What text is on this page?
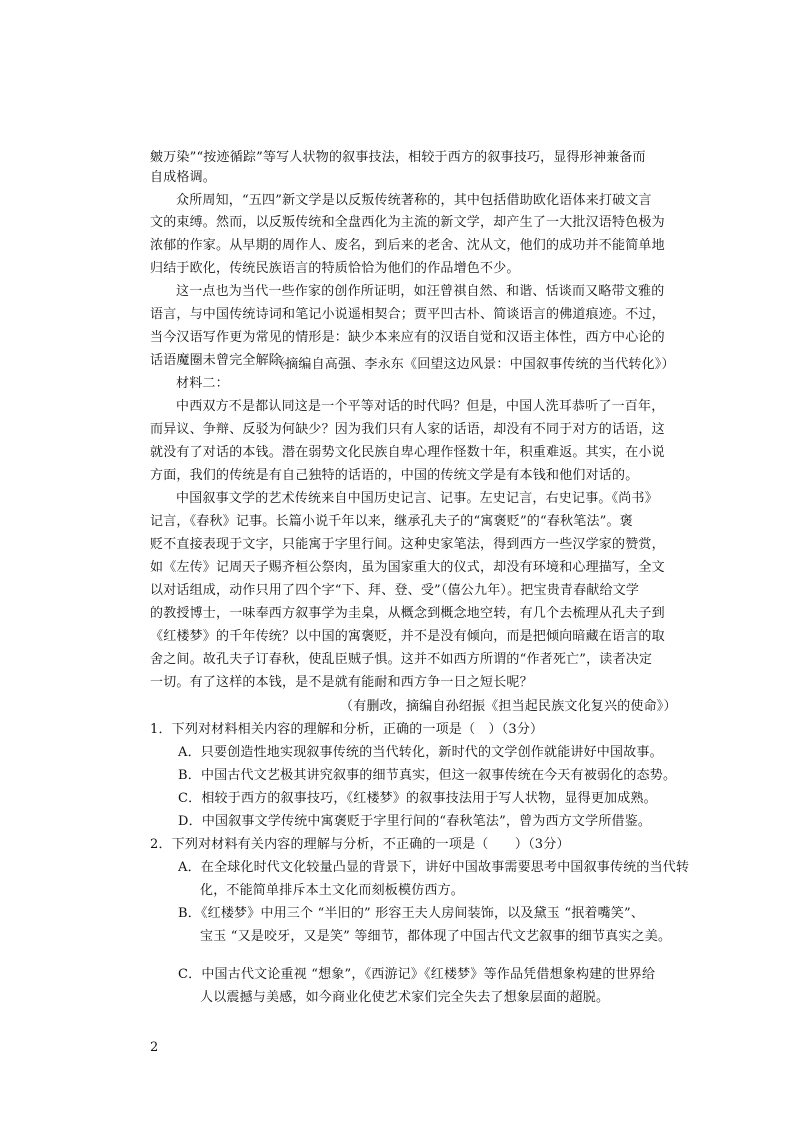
皴万染”“按迹循踪”等写人状物的叙事技法，相较于西方的叙事技巧，显得形神兼备而
自成格调。
众所周知，“五四”新文学是以反叛传统著称的，其中包括借助欧化语体来打破文言
文的束缚。然而，以反叛传统和全盘西化为主流的新文学，却产生了一大批汉语特色极为
浓郁的作家。从早期的周作人、废名，到后来的老舍、沈从文，他们的成功并不能简单地
归结于欧化，传统民族语言的特质恰恰为他们的作品增色不少。
这一点也为当代一些作家的创作所证明，如汪曾祺自然、和谐、恬谈而又略带文雅的
语言，与中国传统诗词和笔记小说遥相契合；贾平凹古朴、简谈语言的佛道痕迹。不过，
当今汉语写作更为常见的情形是：缺少本来应有的汉语自觉和汉语主体性，西方中心论的
话语魔圈未曾完全解除。
（摘编自高强、李永东《回望这边风景：中国叙事传统的当代转化》）
材料二：
中西双方不是都认同这是一个平等对话的时代吗？但是，中国人洗耳恭听了一百年，
而异议、争辩、反驳为何缺少？因为我们只有人家的话语，却没有不同于对方的话语，这
就没有了对话的本钱。潜在弱势文化民族自卑心理作怪数十年，积重难返。其实，在小说
方面，我们的传统是有自己独特的话语的，中国的传统文学是有本钱和他们对话的。
中国叙事文学的艺术传统来自中国历史记言、记事。左史记言，右史记事。《尚书》
记言，《春秋》记事。长篇小说千年以来，继承孔夫子的“寓褒贬”的“春秋笔法”。褒
贬不直接表现于文字，只能寓于字里行间。这种史家笔法，得到西方一些汉学家的赞赏，
如《左传》记周天子赐齐桓公祭肉，虽为国家重大的仪式，却没有环境和心理描写，全文
以对话组成，动作只用了四个字“下、拜、登、受”（僖公九年）。把宝贵青春献给文学
的教授博士，一味奉西方叙事学为圭臬，从概念到概念地空转，有几个去梳理从孔夫子到
《红楼梦》的千年传统？以中国的寓褒贬，并不是没有倾向，而是把倾向暗藏在语言的取
舍之间。故孔夫子订春秋，使乱臣贼子惧。这并不如西方所谓的“作者死亡”，读者决定
一切。有了这样的本钱，是不是就有能耐和西方争一日之短长呢？
（有删改，摘编自孙绍振《担当起民族文化复兴的使命》）
1．下列对材料相关内容的理解和分析，正确的一项是（　）（3分）
A．只要创造性地实现叙事传统的当代转化，新时代的文学创作就能讲好中国故事。
B．中国古代文艺极其讲究叙事的细节真实，但这一叙事传统在今天有被弱化的态势。
C．相较于西方的叙事技巧，《红楼梦》的叙事技法用于写人状物，显得更加成熟。
D．中国叙事文学传统中寓褒贬于字里行间的“春秋笔法”，曾为西方文学所借鉴。
2．下列对材料有关内容的理解与分析，不正确的一项是（　　）（3分）
A．在全球化时代文化较量凸显的背景下，讲好中国故事需要思考中国叙事传统的当代转
化，不能简单排斥本土文化而刻板模仿西方。
B．《红楼梦》中用三个 “半旧的” 形容王夫人房间装饰，以及黛玉 “抿着嘴笑”、
宝玉 “又是咬牙，又是笑” 等细节，都体现了中国古代文艺叙事的细节真实之美。
C．中国古代文论重视 “想象”，《西游记》《红楼梦》等作品凭借想象构建的世界给
人以震撼与美感，如今商业化使艺术家们完全失去了想象层面的超脱。
2
